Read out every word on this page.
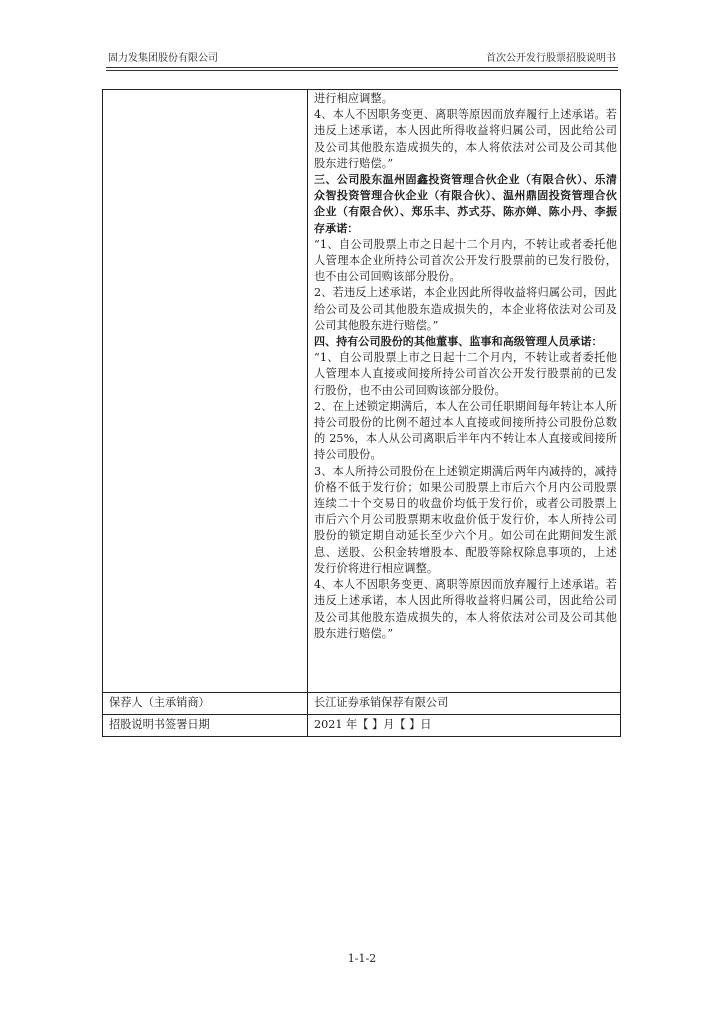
固力发集团股份有限公司	首次公开发行股票招股说明书

进行相应调整。

4、本人不因职务变更、离职等原因而放弃履行上述承诺。若违反上述承诺，本人因此所得收益将归属公司，因此给公司及公司其他股东造成损失的，本人将依法对公司及公司其他股东进行赔偿。”

三、公司股东温州固鑫投资管理合伙企业（有限合伙）、乐清众智投资管理合伙企业（有限合伙）、温州鼎固投资管理合伙企业（有限合伙）、郑乐丰、苏式芬、陈亦婵、陈小丹、李振存承诺：

“1、自公司股票上市之日起十二个月内，不转让或者委托他人管理本企业所持公司首次公开发行股票前的已发行股份，也不由公司回购该部分股份。

2、若违反上述承诺，本企业因此所得收益将归属公司，因此给公司及公司其他股东造成损失的，本企业将依法对公司及公司其他股东进行赔偿。”

四、持有公司股份的其他董事、监事和高级管理人员承诺：

“1、自公司股票上市之日起十二个月内，不转让或者委托他人管理本人直接或间接所持公司首次公开发行股票前的已发行股份，也不由公司回购该部分股份。

2、在上述锁定期满后，本人在公司任职期间每年转让本人所持公司股份的比例不超过本人直接或间接所持公司股份总数的 25%，本人从公司离职后半年内不转让本人直接或间接所持公司股份。

3、本人所持公司股份在上述锁定期满后两年内减持的，减持价格不低于发行价；如果公司股票上市后六个月内公司股票连续二十个交易日的收盘价均低于发行价，或者公司股票上市后六个月公司股票期末收盘价低于发行价，本人所持公司股份的锁定期自动延长至少六个月。如公司在此期间发生派息、送股、公积金转增股本、配股等除权除息事项的，上述发行价将进行相应调整。

4、本人不因职务变更、离职等原因而放弃履行上述承诺。若违反上述承诺，本人因此所得收益将归属公司，因此给公司及公司其他股东造成损失的，本人将依法对公司及公司其他股东进行赔偿。”

保荐人（主承销商）	长江证券承销保荐有限公司
招股说明书签署日期	2021 年【 】月【 】日
1-1-2
